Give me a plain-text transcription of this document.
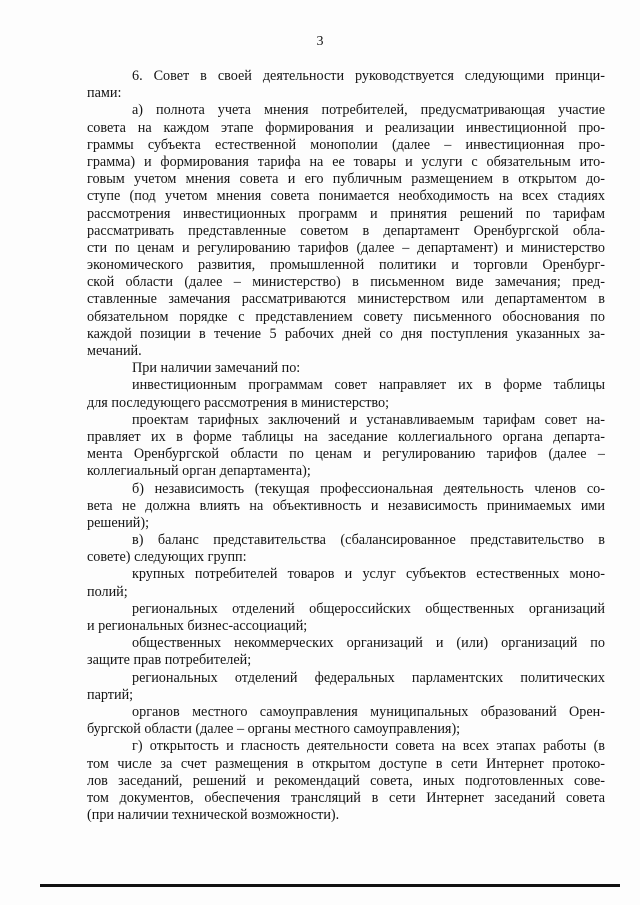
3
6. Совет в своей деятельности руководствуется следующими принци-
пами:
а) полнота учета мнения потребителей, предусматривающая участие
совета на каждом этапе формирования и реализации инвестиционной про-
граммы субъекта естественной монополии (далее – инвестиционная про-
грамма) и формирования тарифа на ее товары и услуги с обязательным ито-
говым учетом мнения совета и его публичным размещением в открытом до-
ступе (под учетом мнения совета понимается необходимость на всех стадиях
рассмотрения инвестиционных программ и принятия решений по тарифам
рассматривать представленные советом в департамент Оренбургской обла-
сти по ценам и регулированию тарифов (далее – департамент) и министерство
экономического развития, промышленной политики и торговли Оренбург-
ской области (далее – министерство) в письменном виде замечания; пред-
ставленные замечания рассматриваются министерством или департаментом в
обязательном порядке с представлением совету письменного обоснования по
каждой позиции в течение 5 рабочих дней со дня поступления указанных за-
мечаний.
При наличии замечаний по:
инвестиционным программам совет направляет их в форме таблицы
для последующего рассмотрения в министерство;
проектам тарифных заключений и устанавливаемым тарифам совет на-
правляет их в форме таблицы на заседание коллегиального органа департа-
мента Оренбургской области по ценам и регулированию тарифов (далее –
коллегиальный орган департамента);
б) независимость (текущая профессиональная деятельность членов со-
вета не должна влиять на объективность и независимость принимаемых ими
решений);
в) баланс представительства (сбалансированное представительство в
совете) следующих групп:
крупных потребителей товаров и услуг субъектов естественных моно-
полий;
региональных отделений общероссийских общественных организаций
и региональных бизнес-ассоциаций;
общественных некоммерческих организаций и (или) организаций по
защите прав потребителей;
региональных отделений федеральных парламентских политических
партий;
органов местного самоуправления муниципальных образований Орен-
бургской области (далее – органы местного самоуправления);
г) открытость и гласность деятельности совета на всех этапах работы (в
том числе за счет размещения в открытом доступе в сети Интернет протоко-
лов заседаний, решений и рекомендаций совета, иных подготовленных сове-
том документов, обеспечения трансляций в сети Интернет заседаний совета
(при наличии технической возможности).
